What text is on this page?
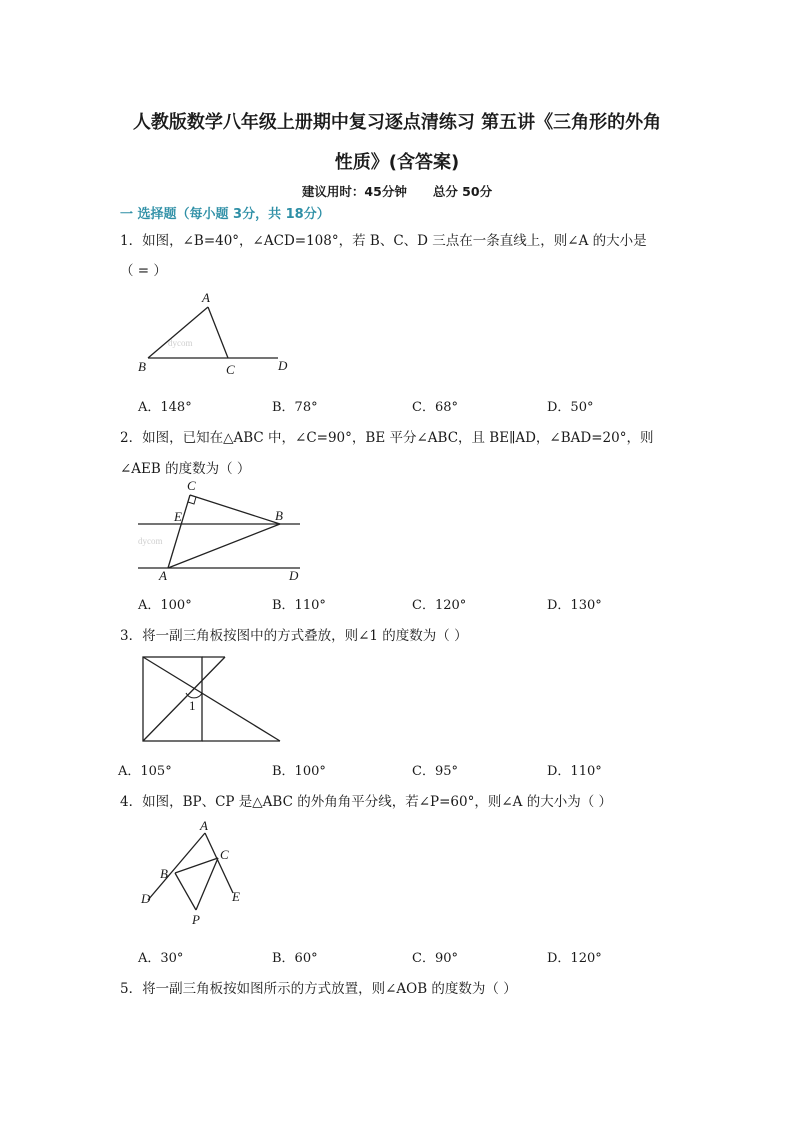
人教版数学八年级上册期中复习逐点清练习 第五讲《三角形的外角
性质》(含答案)
建议用时：45分钟 总分 50分
一 选择题（每小题 3分，共 18分）
1．如图，∠B=40°，∠ACD=108°，若 B、C、D 三点在一条直线上，则∠A 的大小是
（ = ）
dycom
A
B	C	D
A．148°	B．78°	C．68°	D．50°
2．如图，已知在△ABC 中，∠C=90°，BE 平分∠ABC，且 BE∥AD，∠BAD=20°，则
∠AEB 的度数为（ ）
dycom
C
E	B
A	D
A．100°	B．110°	C．120°	D．130°
3．将一副三角板按图中的方式叠放，则∠1 的度数为（ ）
1
A．105°	B．100°	C．95°	D．110°
4．如图，BP、CP 是△ABC 的外角角平分线，若∠P=60°，则∠A 的大小为（ ）
A
B
C
D	E
P
A．30°	B．60°	C．90°	D．120°
5．将一副三角板按如图所示的方式放置，则∠AOB 的度数为（ ）
